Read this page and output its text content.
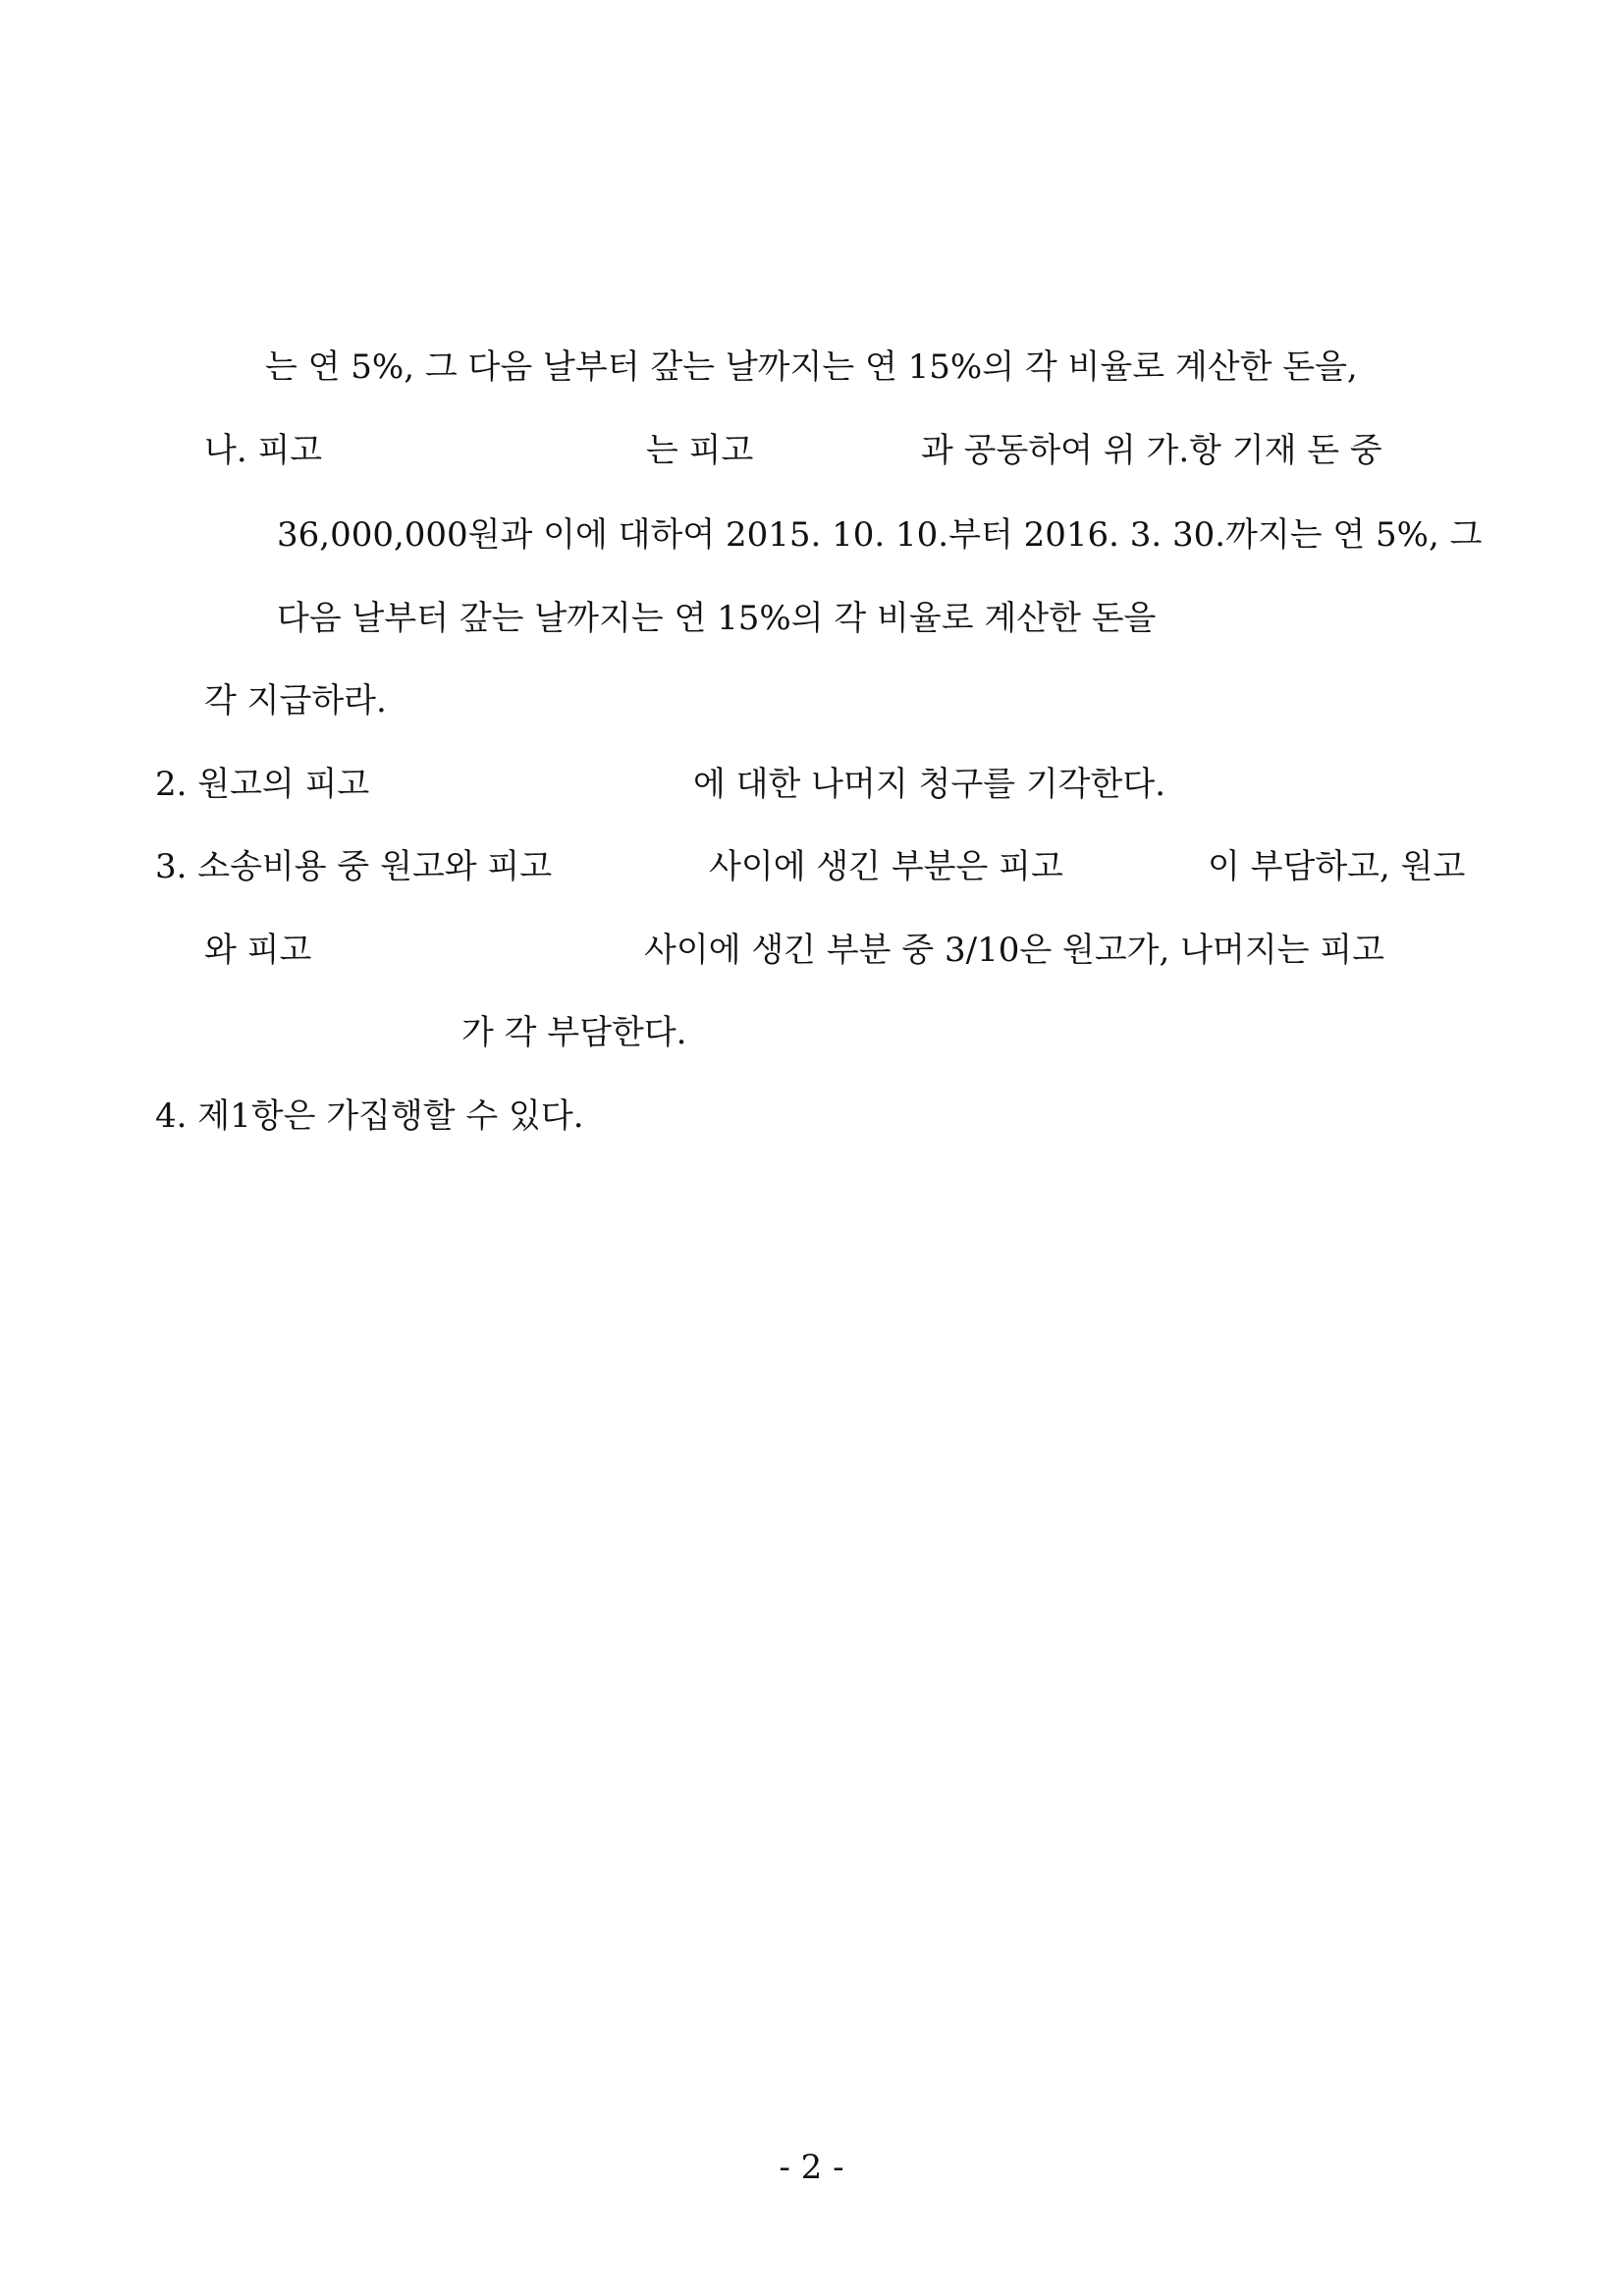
는 연 5%, 그 다음 날부터 갚는 날까지는 연 15%의 각 비율로 계산한 돈을,

나. 피고

	는 피고

	과 공동하여 위 가.항 기재 돈 중

36,000,000원과 이에 대하여 2015. 10. 10.부터 2016. 3. 30.까지는 연 5%, 그

다음 날부터 갚는 날까지는 연 15%의 각 비율로 계산한 돈을

각 지급하라.

2. 원고의 피고

	에 대한 나머지 청구를 기각한다.

3. 소송비용 중 원고와 피고

	사이에 생긴 부분은 피고

	이 부담하고, 원고

와 피고

	사이에 생긴 부분 중 3/10은 원고가, 나머지는 피고

가 각 부담한다.

4. 제1항은 가집행할 수 있다.

- 2 -
